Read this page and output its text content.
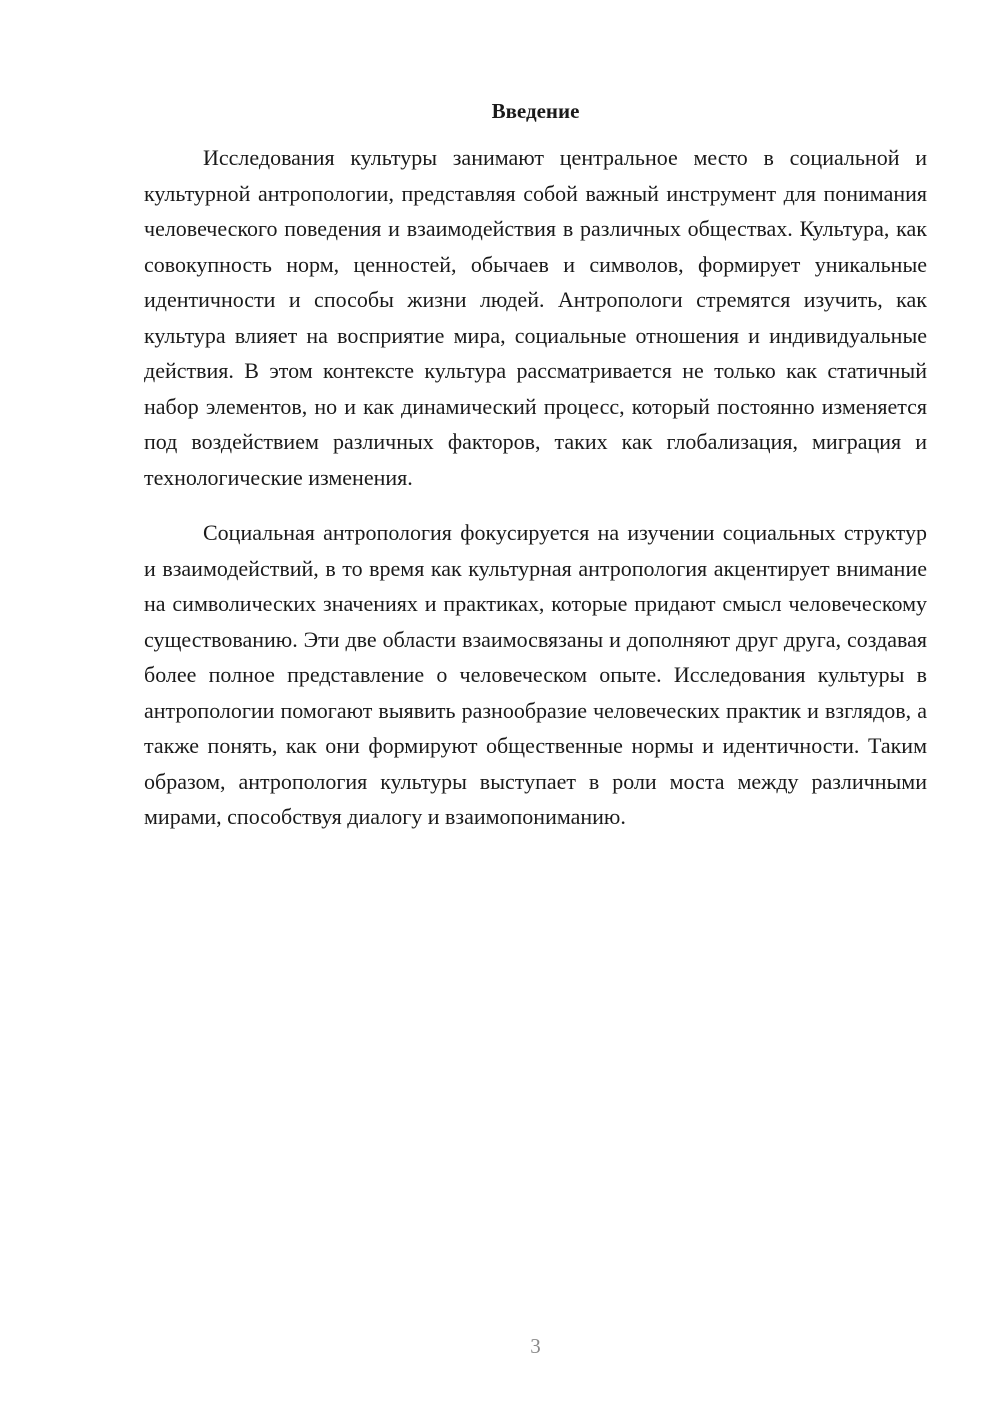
Введение

Исследования культуры занимают центральное место в социальной и культурной антропологии, представляя собой важный инструмент для понимания человеческого поведения и взаимодействия в различных обществах. Культура, как совокупность норм, ценностей, обычаев и символов, формирует уникальные идентичности и способы жизни людей. Антропологи стремятся изучить, как культура влияет на восприятие мира, социальные отношения и индивидуальные действия. В этом контексте культура рассматривается не только как статичный набор элементов, но и как динамический процесс, который постоянно изменяется под воздействием различных факторов, таких как глобализация, миграция и технологические изменения.

Социальная антропология фокусируется на изучении социальных структур и взаимодействий, в то время как культурная антропология акцентирует внимание на символических значениях и практиках, которые придают смысл человеческому существованию. Эти две области взаимосвязаны и дополняют друг друга, создавая более полное представление о человеческом опыте. Исследования культуры в антропологии помогают выявить разнообразие человеческих практик и взглядов, а также понять, как они формируют общественные нормы и идентичности. Таким образом, антропология культуры выступает в роли моста между различными мирами, способствуя диалогу и взаимопониманию.

3
